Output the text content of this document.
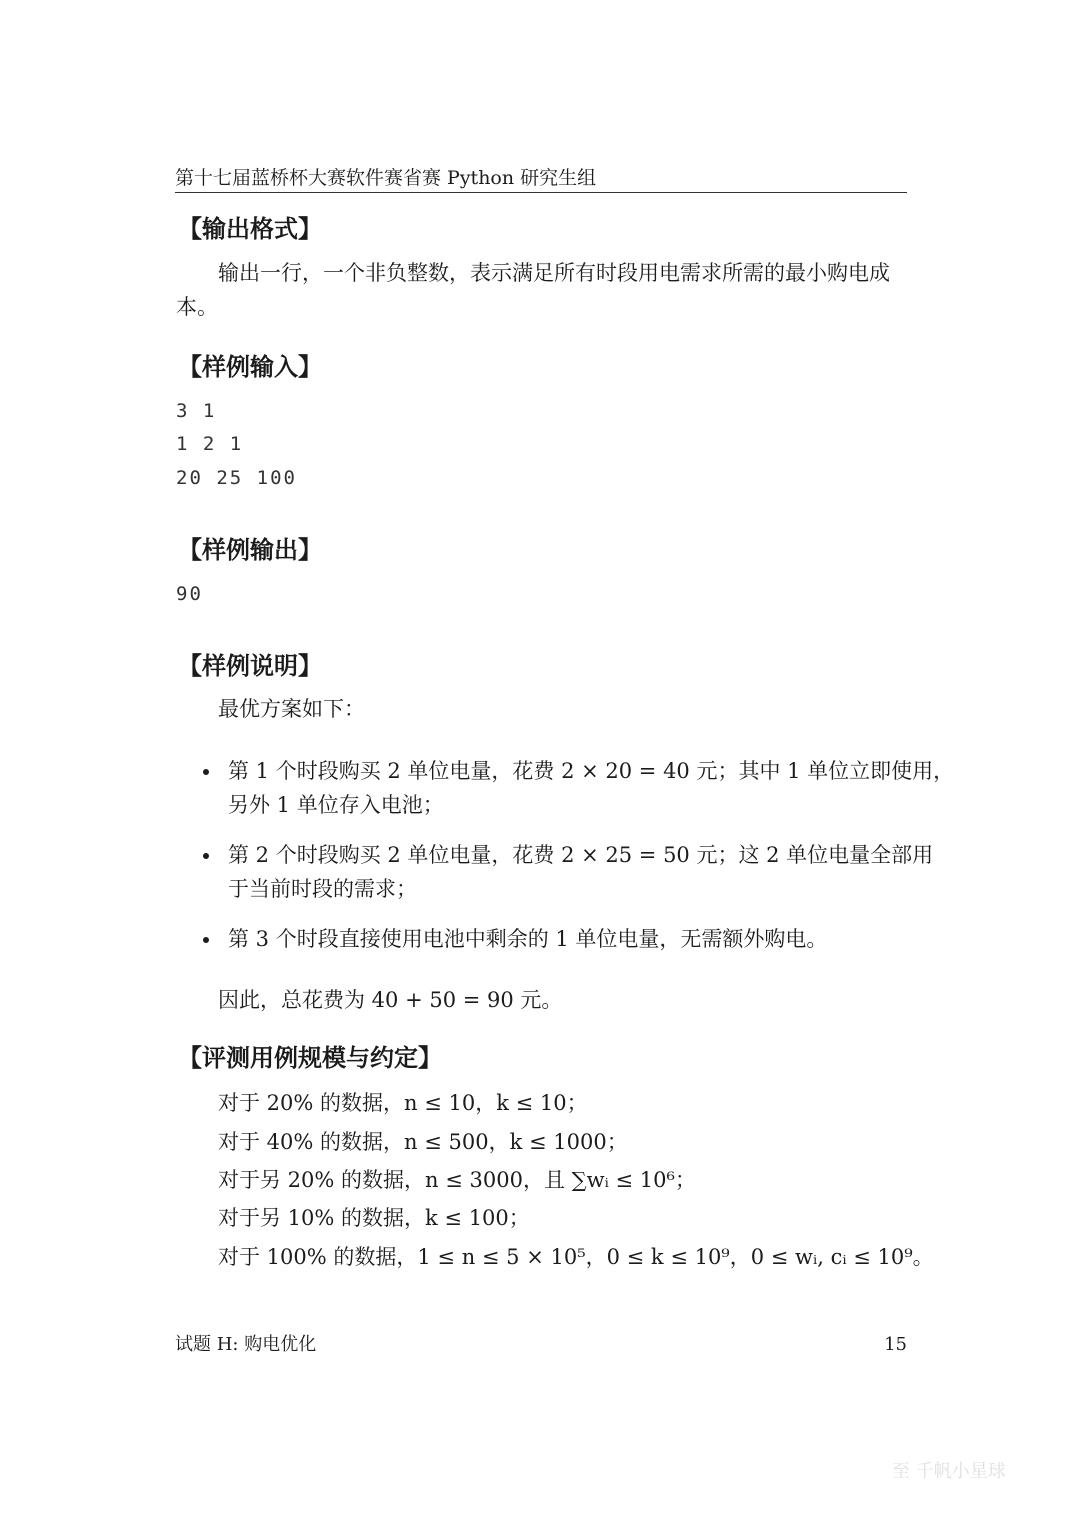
第十七届蓝桥杯大赛软件赛省赛 Python 研究生组
【输出格式】
输出一行，一个非负整数，表示满足所有时段用电需求所需的最小购电成
本。
【样例输入】
3 1
1 2 1
20 25 100
【样例输出】
90
【样例说明】
最优方案如下：
第 1 个时段购买 2 单位电量，花费 2 × 20 = 40 元；其中 1 单位立即使用，
另外 1 单位存入电池；
第 2 个时段购买 2 单位电量，花费 2 × 25 = 50 元；这 2 单位电量全部用
于当前时段的需求；
第 3 个时段直接使用电池中剩余的 1 单位电量，无需额外购电。
因此，总花费为 40 + 50 = 90 元。
【评测用例规模与约定】
对于 20% 的数据，n ≤ 10，k ≤ 10；
对于 40% 的数据，n ≤ 500，k ≤ 1000；
对于另 20% 的数据，n ≤ 3000，且 ∑wᵢ ≤ 10⁶；
对于另 10% 的数据，k ≤ 100；
对于 100% 的数据，1 ≤ n ≤ 5 × 10⁵，0 ≤ k ≤ 10⁹，0 ≤ wᵢ, cᵢ ≤ 10⁹。
试题 H: 购电优化	15
至 千帆小星球
